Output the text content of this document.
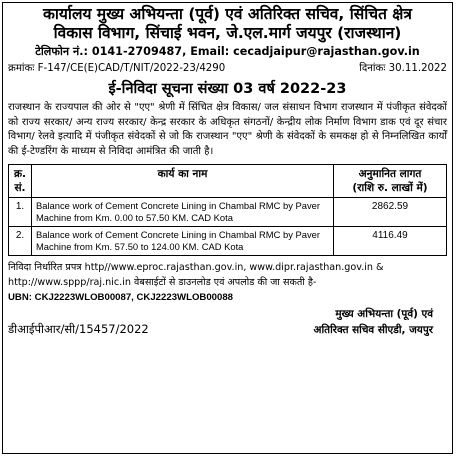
कार्यालय मुख्य अभियन्ता (पूर्व) एवं अतिरिक्त सचिव, सिंचित क्षेत्र
विकास विभाग, सिंचाई भवन, जे.एल.मार्ग जयपुर (राजस्थान)
टेलिफोन नं.: 0141-2709487, Email: cecadjaipur@rajasthan.gov.in
क्रमांकः F-147/CE(E)CAD/T/NIT/2022-23/4290	दिनांकः 30.11.2022
ई-निविदा सूचना संख्या 03 वर्ष 2022-23
राजस्थान के राज्यपाल की ओर से "एए" श्रेणी में सिंचित क्षेत्र विकास/ जल संसाधन विभाग राजस्थान में पंजीकृत संवेदकों को राज्य सरकार/ अन्य राज्य सरकार/ केन्द्र सरकार के अधिकृत संगठनों/ केन्द्रीय लोक निर्माण विभाग डाक एवं दूर संचार विभाग/ रेलवे इत्यादि में पंजीकृत संवेदकों से जो कि राजस्थान "एए" श्रेणी के संवेदकों के समकक्ष हो से निम्नलिखित कार्यों की ई-टेण्डरिंग के माध्यम से निविदा आमंत्रित की जाती है।
क्र. सं.	कार्य का नाम	अनुमानित लागत
(राशि रु. लाखों में)

1.	Balance work of Cement Concrete Lining in Chambal RMC by Paver Machine from Km. 0.00 to 57.50 KM. CAD Kota	2862.59
2.	Balance work of Cement Concrete Lining in Chambal RMC by Paver Machine from Km. 57.50 to 124.00 KM. CAD Kota	4116.49
निविदा निर्धारित प्रपत्र http//www.eproc.rajasthan.gov.in, www.dipr.rajasthan.gov.in &
http://www.sppp/raj.nic.in वेबसाईटों से डाउनलोड एवं अपलोड की जा सकती है-
UBN: CKJ2223WLOB00087, CKJ2223WLOB00088
मुख्य अभियन्ता (पूर्व) एवं
डीआईपीआर/सी/15457/2022	अतिरिक्त सचिव सीएडी, जयपुर
